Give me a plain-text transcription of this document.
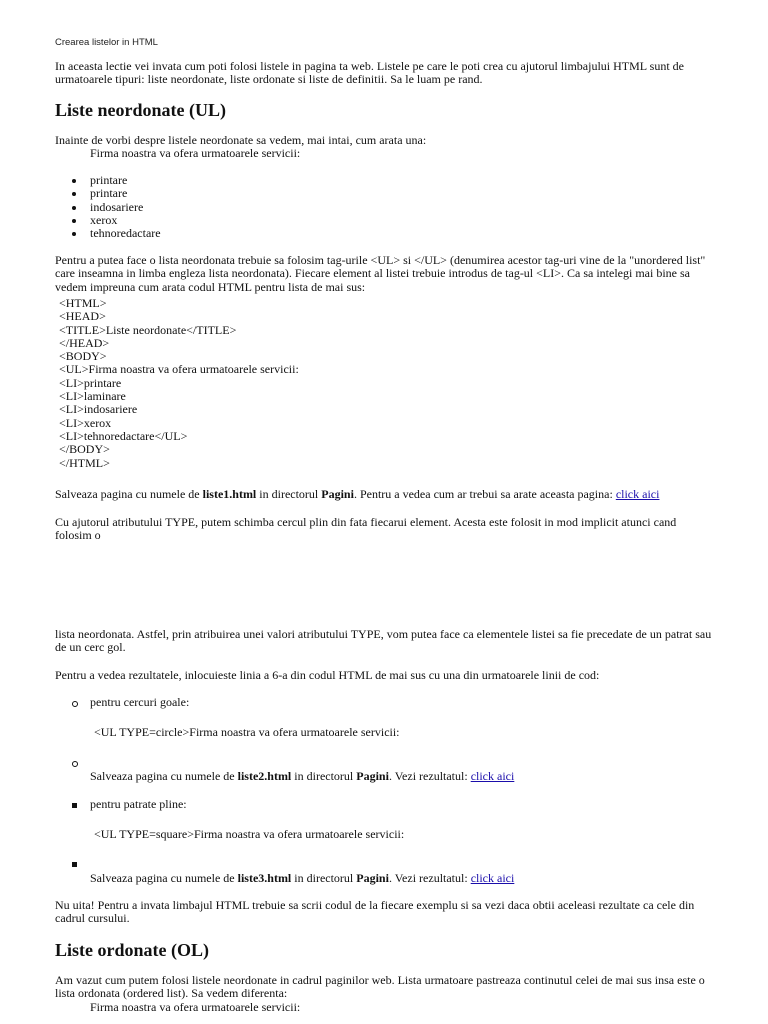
Crearea listelor in HTML

In aceasta lectie vei invata cum poti folosi listele in pagina ta web. Listele pe care le poti crea cu ajutorul limbajului HTML sunt de urmatoarele tipuri: liste neordonate, liste ordonate si liste de definitii. Sa le luam pe rand.

Liste neordonate (UL)

Inainte de vorbi despre listele neordonate sa vedem, mai intai, cum arata una:

Firma noastra va ofera urmatoarele servicii:
printare
printare
indosariere
xerox
tehnoredactare

Pentru a putea face o lista neordonata trebuie sa folosim tag-urile <UL> si </UL> (denumirea acestor tag-uri vine de la "unordered list" care inseamna in limba engleza lista neordonata). Fiecare element al listei trebuie introdus de tag-ul <LI>. Ca sa intelegi mai bine sa vedem impreuna cum arata codul HTML pentru lista de mai sus:

<HTML>
<HEAD>
<TITLE>Liste neordonate</TITLE>
</HEAD>
<BODY>
<UL>Firma noastra va ofera urmatoarele servicii:
<LI>printare
<LI>laminare
<LI>indosariere
<LI>xerox
<LI>tehnoredactare</UL>
</BODY>
</HTML>

Salveaza pagina cu numele de liste1.html in directorul Pagini. Pentru a vedea cum ar trebui sa arate aceasta pagina: click aici

Cu ajutorul atributului TYPE, putem schimba cercul plin din fata fiecarui element. Acesta este folosit in mod implicit atunci cand folosim o

lista neordonata. Astfel, prin atribuirea unei valori atributului TYPE, vom putea face ca elementele listei sa fie precedate de un patrat sau de un cerc gol.

Pentru a vedea rezultatele, inlocuieste linia a 6-a din codul HTML de mai sus cu una din urmatoarele linii de cod:

pentru cercuri goale:
<UL TYPE=circle>Firma noastra va ofera urmatoarele servicii:

Salveaza pagina cu numele de liste2.html in directorul Pagini. Vezi rezultatul: click aici

pentru patrate pline:
<UL TYPE=square>Firma noastra va ofera urmatoarele servicii:

Salveaza pagina cu numele de liste3.html in directorul Pagini. Vezi rezultatul: click aici

Nu uita! Pentru a invata limbajul HTML trebuie sa scrii codul de la fiecare exemplu si sa vezi daca obtii aceleasi rezultate ca cele din cadrul cursului.

Liste ordonate (OL)

Am vazut cum putem folosi listele neordonate in cadrul paginilor web. Lista urmatoare pastreaza continutul celei de mai sus insa este o lista ordonata (ordered list). Sa vedem diferenta:

Firma noastra va ofera urmatoarele servicii:
